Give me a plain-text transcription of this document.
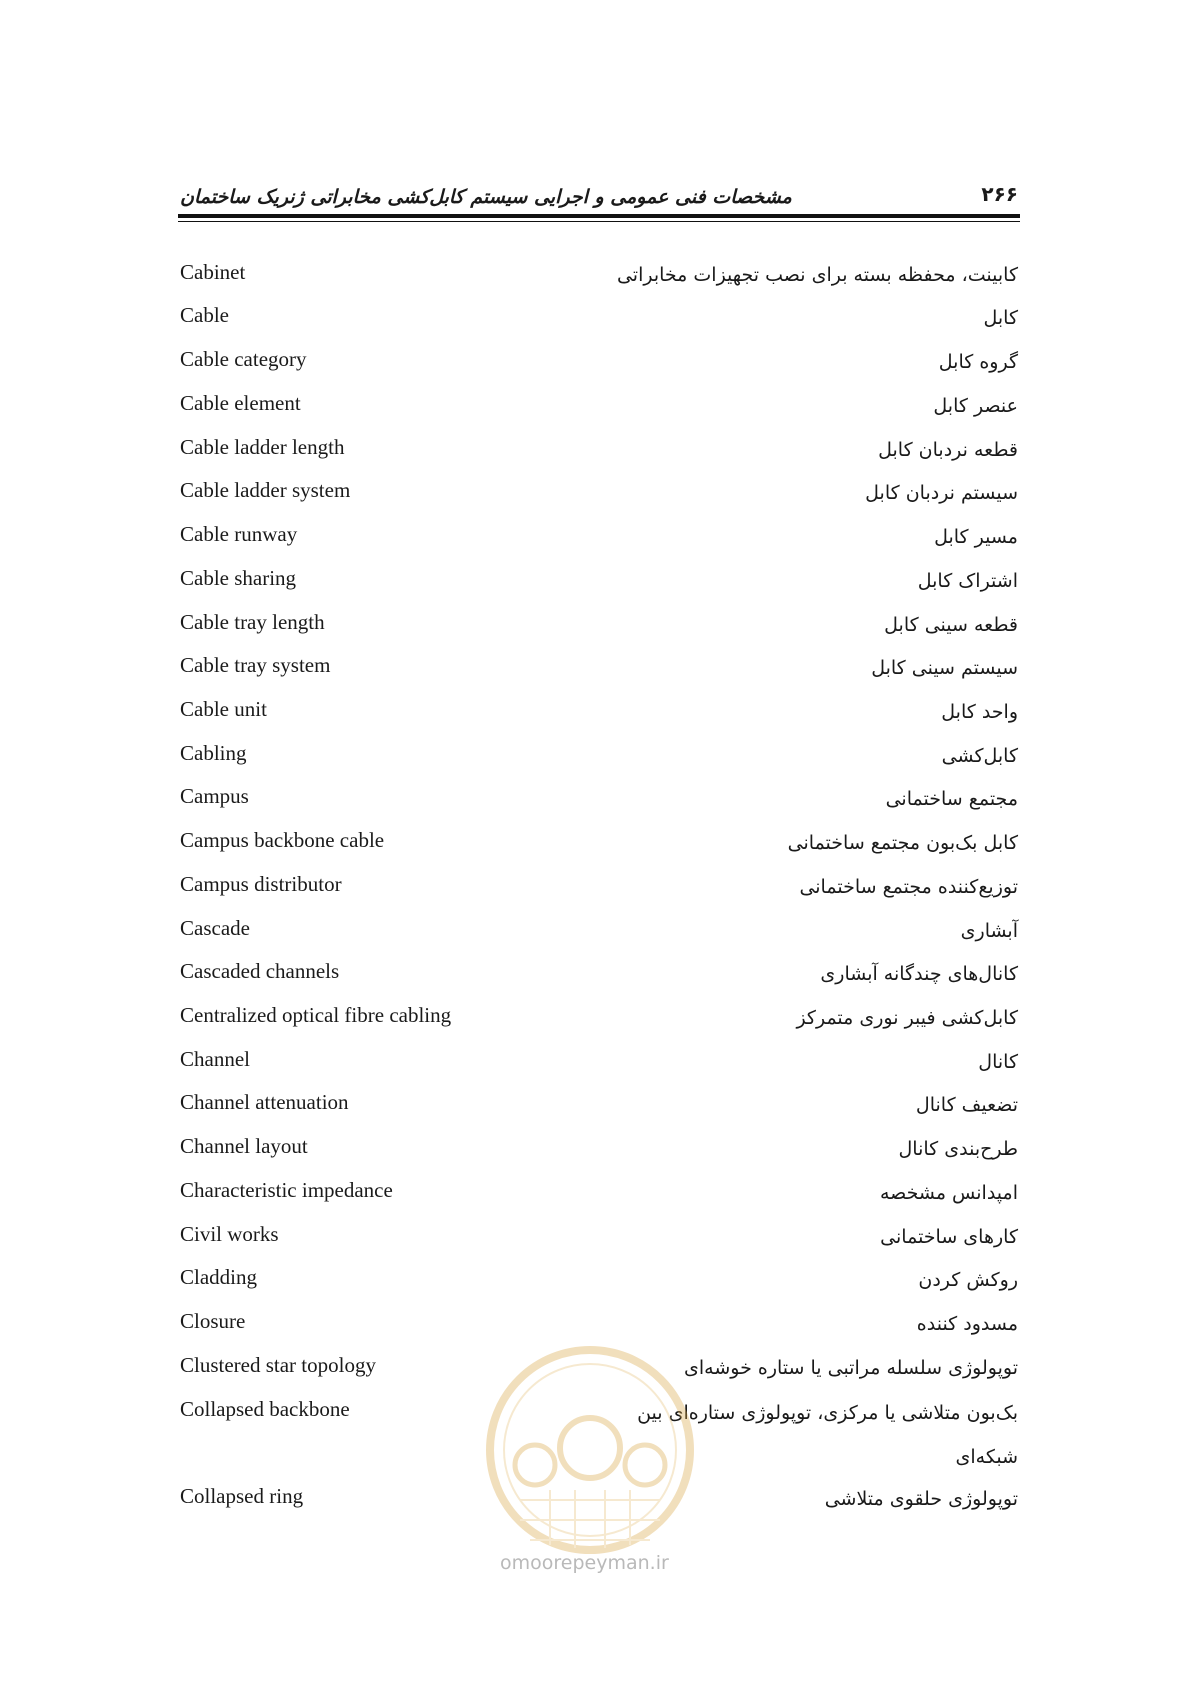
مشخصات فنی عمومی و اجرایی سیستم کابل‌کشی مخابراتی ژنریک ساختمان	۲۶۶
Cabinet	کابینت، محفظه بسته برای نصب تجهیزات مخابراتی
Cable	کابل
Cable category	گروه کابل
Cable element	عنصر کابل
Cable ladder length	قطعه نردبان کابل
Cable ladder system	سیستم نردبان کابل
Cable runway	مسیر کابل
Cable sharing	اشتراک کابل
Cable tray length	قطعه سینی کابل
Cable tray system	سیستم سینی کابل
Cable unit	واحد کابل
Cabling	کابل‌کشی
Campus	مجتمع ساختمانی
Campus backbone cable	کابل بک‌بون مجتمع ساختمانی
Campus distributor	توزیع‌کننده مجتمع ساختمانی
Cascade	آبشاری
Cascaded channels	کانال‌های چندگانه آبشاری
Centralized optical fibre cabling	کابل‌کشی فیبر نوری متمرکز
Channel	کانال
Channel attenuation	تضعیف کانال
Channel layout	طرح‌بندی کانال
Characteristic impedance	امپدانس مشخصه
Civil works	کارهای ساختمانی
Cladding	روکش کردن
Closure	مسدود کننده
Clustered star topology	توپولوژی سلسله مراتبی یا ستاره خوشه‌ای
Collapsed backbone	بک‌بون متلاشی یا مرکزی، توپولوژی ستاره‌ای بین شبکه‌ای
Collapsed ring	توپولوژی حلقوی متلاشی
omoorepeyman.ir
